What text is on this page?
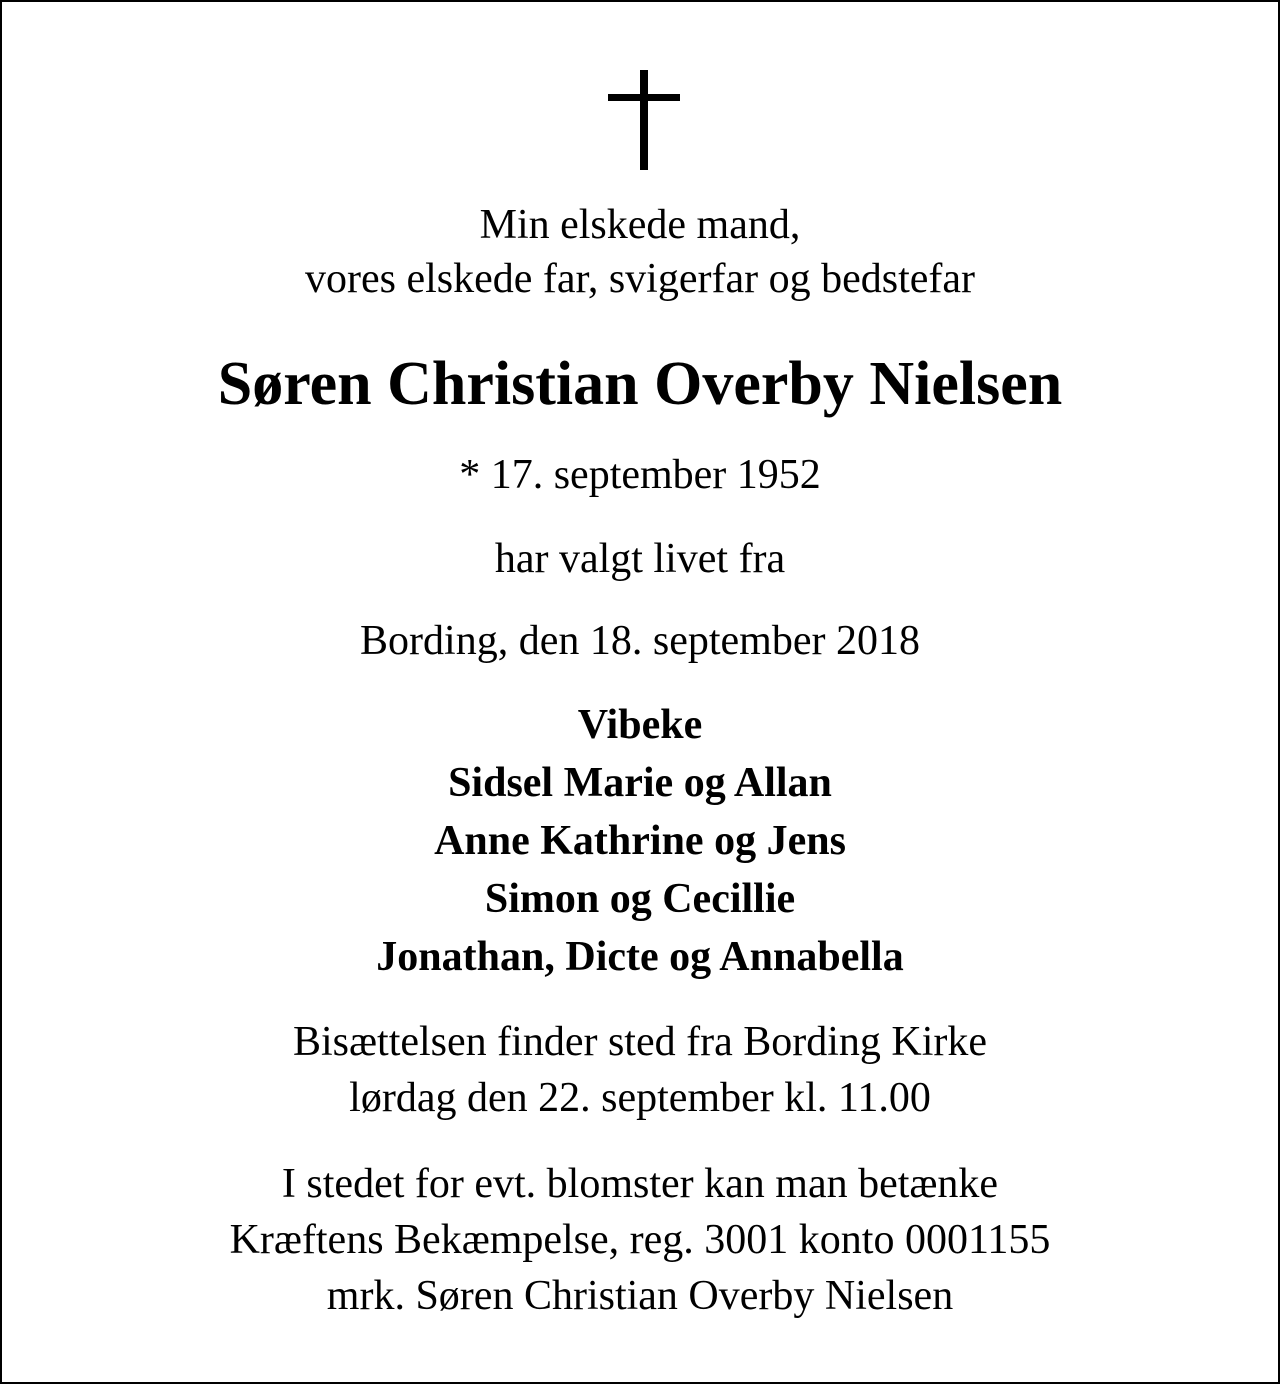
Min elskede mand,
vores elskede far, svigerfar og bedstefar
Søren Christian Overby Nielsen
* 17. september 1952
har valgt livet fra
Bording, den 18. september 2018
Vibeke
Sidsel Marie og Allan
Anne Kathrine og Jens
Simon og Cecillie
Jonathan, Dicte og Annabella
Bisættelsen finder sted fra Bording Kirke
lørdag den 22. september kl. 11.00
I stedet for evt. blomster kan man betænke
Kræftens Bekæmpelse, reg. 3001 konto 0001155
mrk. Søren Christian Overby Nielsen
